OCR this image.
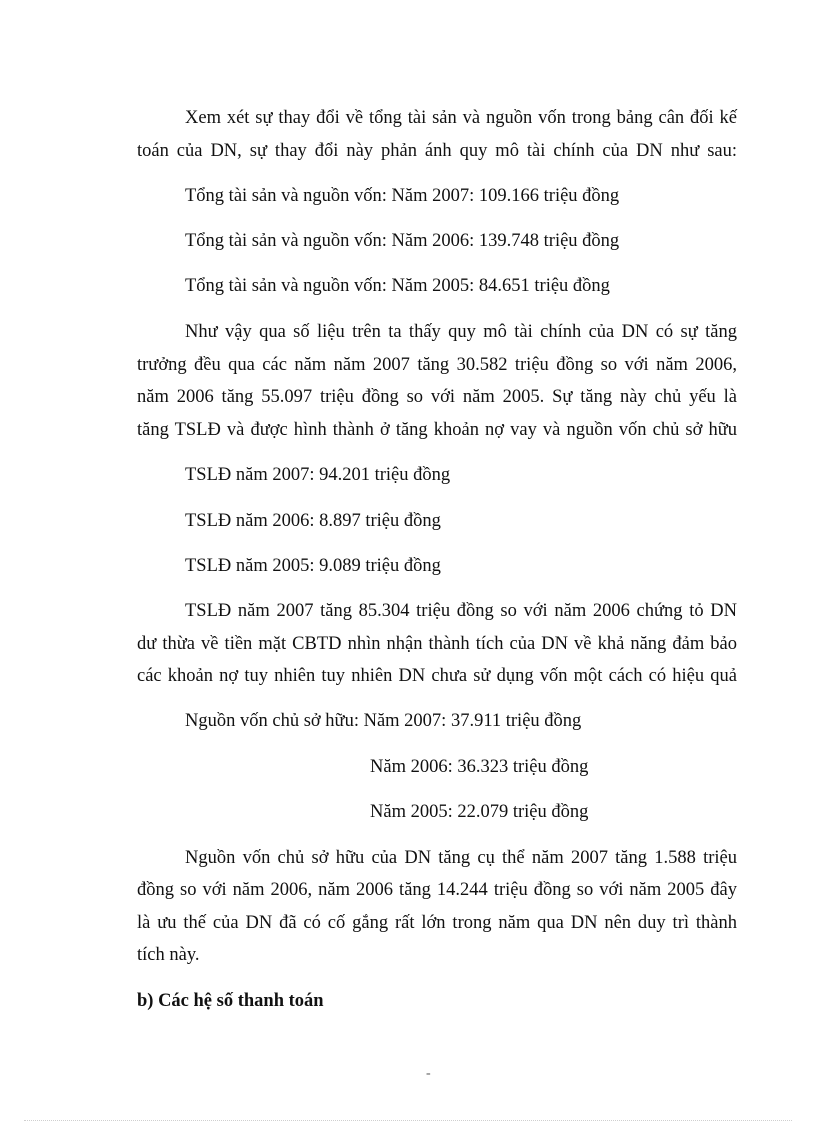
Xem xét sự thay đổi về tổng tài sản và nguồn vốn trong bảng cân đối kế
toán của DN, sự thay đổi này phản ánh quy mô tài chính của DN như sau:
Tổng tài sản và nguồn vốn: Năm 2007: 109.166 triệu đồng
Tổng tài sản và nguồn vốn: Năm 2006: 139.748 triệu đồng
Tổng tài sản và nguồn vốn: Năm 2005: 84.651 triệu đồng
Như vậy qua số liệu trên ta thấy quy mô tài chính của DN có sự tăng
trưởng đều qua các năm năm 2007 tăng 30.582 triệu đồng so với năm 2006,
năm 2006 tăng 55.097 triệu đồng so với năm 2005. Sự tăng này chủ yếu là
tăng TSLĐ và được hình thành ở tăng khoản nợ vay và nguồn vốn chủ sở hữu
TSLĐ năm 2007: 94.201 triệu đồng
TSLĐ năm 2006: 8.897 triệu đồng
TSLĐ năm 2005: 9.089 triệu đồng
TSLĐ năm 2007 tăng 85.304 triệu đồng so với năm 2006 chứng tỏ DN
dư thừa về tiền mặt CBTD nhìn nhận thành tích của DN về khả năng đảm bảo
các khoản nợ tuy nhiên tuy nhiên DN chưa sử dụng vốn một cách có hiệu quả
Nguồn vốn chủ sở hữu: Năm 2007: 37.911 triệu đồng
Năm 2006: 36.323 triệu đồng
Năm 2005: 22.079 triệu đồng
Nguồn vốn chủ sở hữu của DN tăng cụ thể năm 2007 tăng 1.588 triệu
đồng so với năm 2006, năm 2006 tăng 14.244 triệu đồng so với năm 2005 đây
là ưu thế của DN đã có cố gắng rất lớn trong năm qua DN nên duy trì thành
tích này.
b) Các hệ số thanh toán
-
